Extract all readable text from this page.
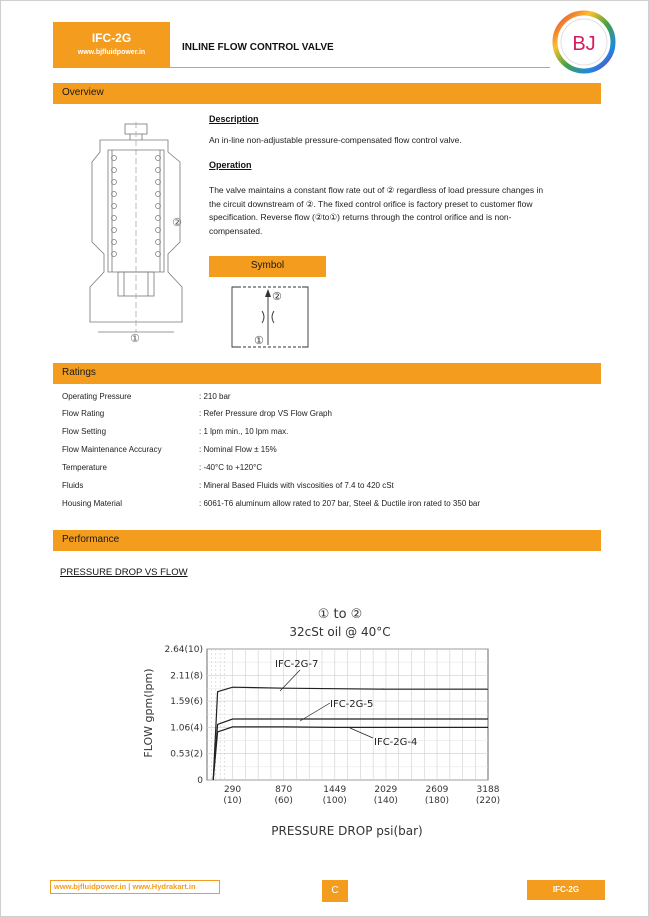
IFC-2G
www.bjfluidpower.in	INLINE FLOW CONTROL VALVE	BJ
Overview
②
①
Description
An in-line non-adjustable pressure-compensated flow control valve.
Operation
The valve maintains a constant flow rate out of ② regardless of load pressure changes in
the circuit downstream of ②. The fixed control orifice is factory preset to customer flow
specification. Reverse flow (②to①) returns through the control orifice and is non-
compensated.
Symbol
②
①
Ratings
Operating Pressure	: 210 bar
Flow Rating	: Refer Pressure drop VS Flow Graph
Flow Setting	: 1 lpm min., 10 lpm max.
Flow Maintenance Accuracy	: Nominal Flow ± 15%
Temperature	: -40°C to +120°C
Fluids	: Mineral Based Fluids with viscosities of 7.4 to 420 cSt
Housing Material	: 6061-T6 aluminum allow rated to 207 bar, Steel & Ductile iron rated to 350 bar
Performance
PRESSURE DROP VS FLOW
① to ②
32cSt oil @ 40°C
FLOW gpm(lpm)
PRESSURE DROP psi(bar)
0
0.53(2)
1.06(4)
1.59(6)
2.11(8)
2.64(10)
290
(10)
870
(60)
1449
(100)
2029
(140)
2609
(180)
3188
(220)
IFC-2G-7
IFC-2G-5
IFC-2G-4
www.bjfluidpower.in | www.Hydrakart.in	C	IFC-2G
